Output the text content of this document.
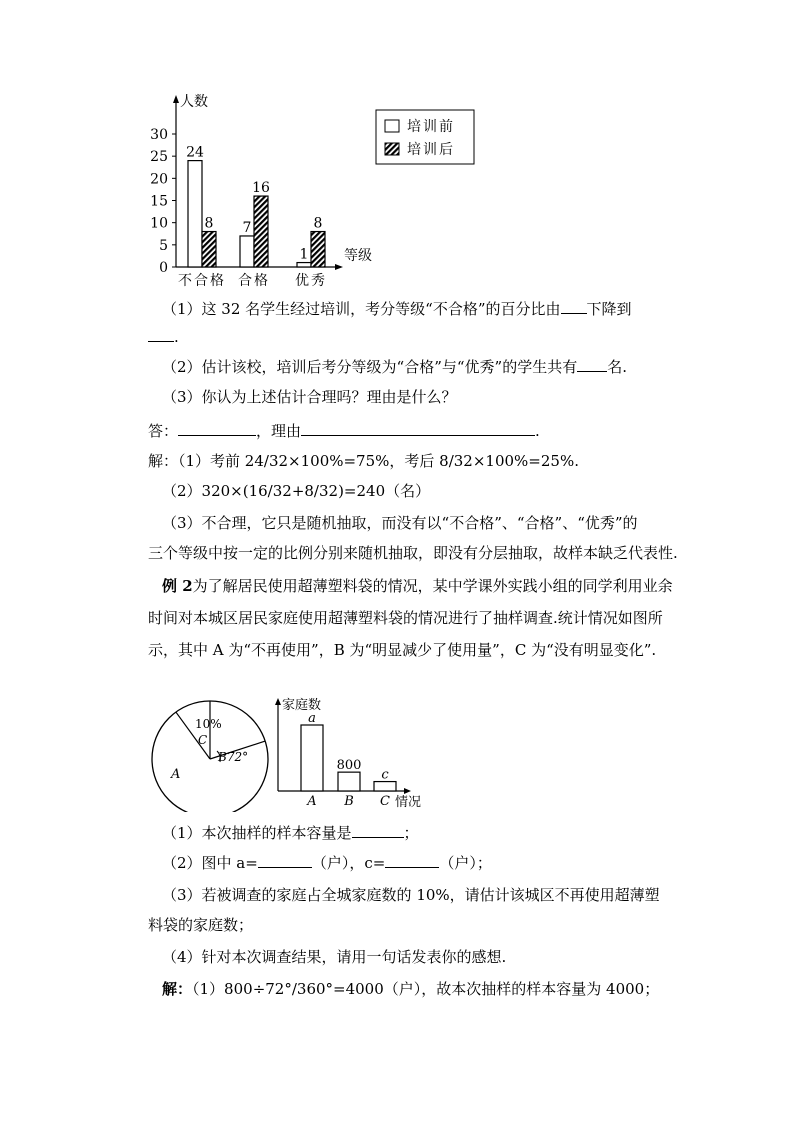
人数
等级
0
5
10
15
20
25
30
24
8
不合格
7
16
合格
1
8
优秀
培训前
培训后
（1）这 32 名学生经过培训，考分等级“不合格”的百分比由 下降到
.
（2）估计该校，培训后考分等级为“合格”与“优秀”的学生共有 名.
（3）你认为上述估计合理吗？理由是什么？
答：	，理由	.
解：（1）考前 24/32×100%=75%，考后 8/32×100%=25%.
（2）320×(16/32+8/32)=240（名）
（3）不合理，它只是随机抽取，而没有以“不合格”、“合格”、“优秀”的
三个等级中按一定的比例分别来随机抽取，即没有分层抽取，故样本缺乏代表性.

例 2为了解居民使用超薄塑料袋的情况，某中学课外实践小组的同学利用业余时间对本城区居民家庭使用超薄塑料袋的情况进行了抽样调查.统计情况如图所示，其中 A 为“不再使用”，B 为“明显减少了使用量”，C 为“没有明显变化”.

10%
C
B72°
A
家庭数
情况
a
A
800
B
c
C
（1）本次抽样的样本容量是	；
（2）图中 a=	（户），c=	（户）；
（3）若被调查的家庭占全城家庭数的 10%，请估计该城区不再使用超薄塑
料袋的家庭数；
（4）针对本次调查结果，请用一句话发表你的感想.
解：（1）800÷72°/360°=4000（户），故本次抽样的样本容量为 4000；
